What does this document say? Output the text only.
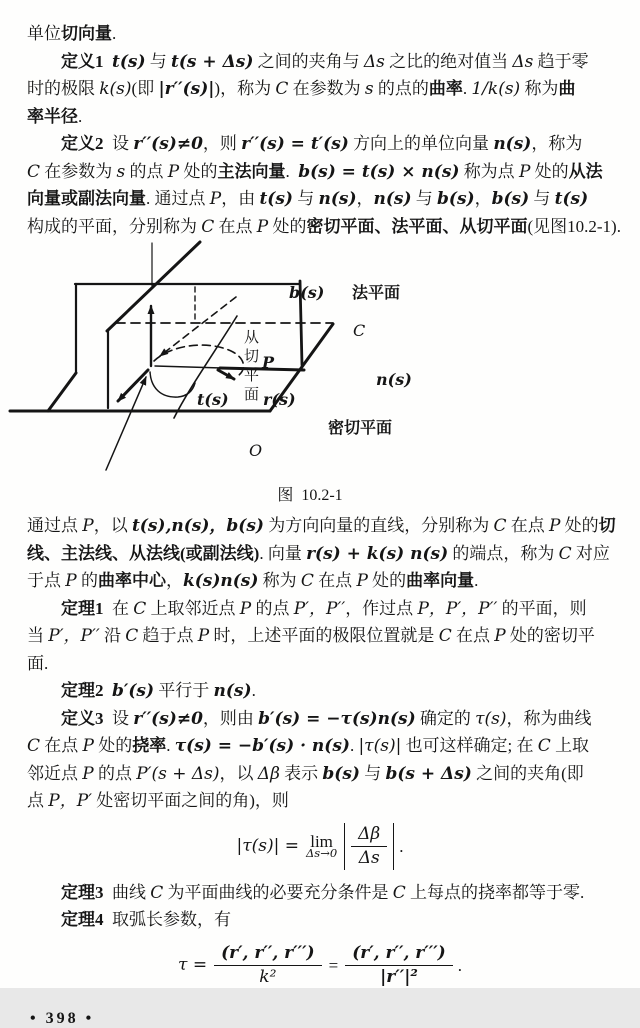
单位切向量.
定义1 t(s) 与 t(s + Δs) 之间的夹角与 Δs 之比的绝对值当 Δs 趋于零
时的极限 k(s)(即 |r′′(s)|)，称为 C 在参数为 s 的点的曲率. 1/k(s) 称为曲
率半径.
定义2  设 r′′(s)≠0，则 r′′(s) = t′(s) 方向上的单位向量 n(s)，称为
C 在参数为 s 的点 P 处的主法向量.  b(s) = t(s) × n(s) 称为点 P 处的从法
向量或副法向量. 通过点 P，由 t(s) 与 n(s)，n(s) 与 b(s)，b(s) 与 t(s)
构成的平面，分别称为 C 在点 P 处的密切平面、法平面、从切平面(见图10.2-1).
b(s) 法平面
C
n(s)
P
r(s)
t(s)
O
从切平面
密切平面
图  10.2-1
通过点 P，以 t(s),n(s)，b(s) 为方向向量的直线，分别称为 C 在点 P 处的切
线、主法线、从法线(或副法线). 向量 r(s) + k(s) n(s) 的端点，称为 C 对应
于点 P 的曲率中心，k(s)n(s) 称为 C 在点 P 处的曲率向量.
定理1  在 C 上取邻近点 P 的点 P′，P′′，作过点 P，P′，P′′ 的平面，则
当 P′，P′′ 沿 C 趋于点 P 时，上述平面的极限位置就是 C 在点 P 处的密切平
面.
定理2 b′(s) 平行于 n(s).
定义3  设 r′′(s)≠0，则由 b′(s) = −τ(s)n(s) 确定的 τ(s)，称为曲线
C 在点 P 处的挠率. τ(s) = −b′(s) · n(s). |τ(s)| 也可这样确定; 在 C 上取
邻近点 P 的点 P′(s + Δs)，以 Δβ 表示 b(s) 与 b(s + Δs) 之间的夹角(即
点 P，P′ 处密切平面之间的角)，则
|τ(s)| = lim
$\Delta s\to 0 \frac{\Delta\beta}{\Delta s}$ .
定理3  曲线 C 为平面曲线的必要充分条件是 C 上每点的挠率都等于零.
定理4  取弧长参数，有
$\tau = \frac{(r', r'', r''')}{\text{k²}} = \frac{(r', r'', r''')}{\text{|r′′|²}}$ .
• 398 •
